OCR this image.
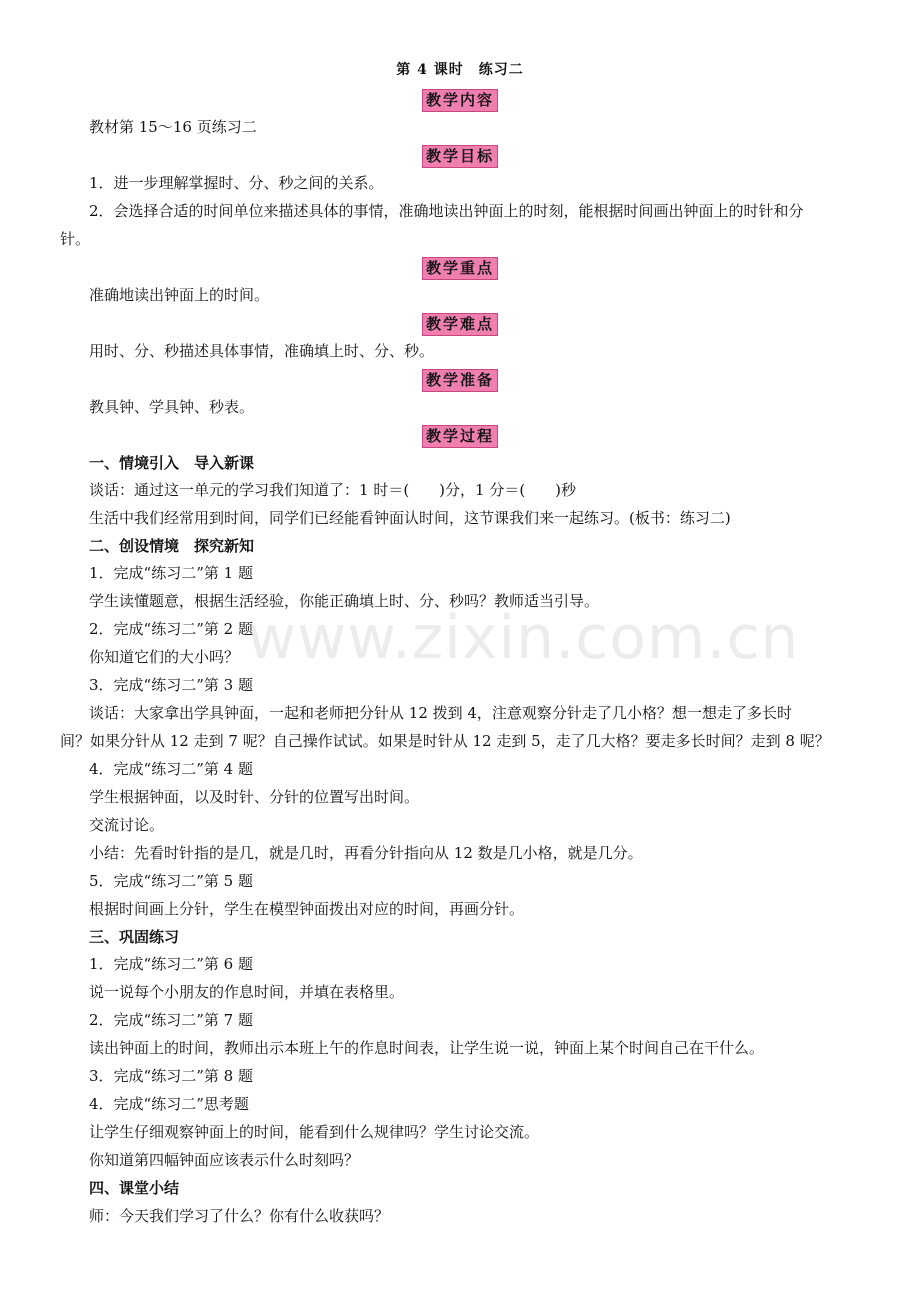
第 4 课时　练习二
教学内容
教材第 15～16 页练习二
教学目标
1．进一步理解掌握时、分、秒之间的关系。
2．会选择合适的时间单位来描述具体的事情，准确地读出钟面上的时刻，能根据时间画出钟面上的时针和分
针。
教学重点
准确地读出钟面上的时间。
教学难点
用时、分、秒描述具体事情，准确填上时、分、秒。
教学准备
教具钟、学具钟、秒表。
教学过程
一、情境引入　导入新课
谈话：通过这一单元的学习我们知道了：1 时＝(　　)分，1 分＝(　　)秒
生活中我们经常用到时间，同学们已经能看钟面认时间，这节课我们来一起练习。(板书：练习二)
二、创设情境　探究新知
1．完成“练习二”第 1 题
学生读懂题意，根据生活经验，你能正确填上时、分、秒吗？教师适当引导。
2．完成“练习二”第 2 题
你知道它们的大小吗？
3．完成“练习二”第 3 题
谈话：大家拿出学具钟面，一起和老师把分针从 12 拨到 4，注意观察分针走了几小格？想一想走了多长时
间？如果分针从 12 走到 7 呢？自己操作试试。如果是时针从 12 走到 5，走了几大格？要走多长时间？走到 8 呢？
4．完成“练习二”第 4 题
学生根据钟面，以及时针、分针的位置写出时间。
交流讨论。
小结：先看时针指的是几，就是几时，再看分针指向从 12 数是几小格，就是几分。
5．完成“练习二”第 5 题
根据时间画上分针，学生在模型钟面拨出对应的时间，再画分针。
三、巩固练习
1．完成“练习二”第 6 题
说一说每个小朋友的作息时间，并填在表格里。
2．完成“练习二”第 7 题
读出钟面上的时间，教师出示本班上午的作息时间表，让学生说一说，钟面上某个时间自己在干什么。
3．完成“练习二”第 8 题
4．完成“练习二”思考题
让学生仔细观察钟面上的时间，能看到什么规律吗？学生讨论交流。
你知道第四幅钟面应该表示什么时刻吗？
四、课堂小结
师：今天我们学习了什么？你有什么收获吗？
www.zixin.com.cn
